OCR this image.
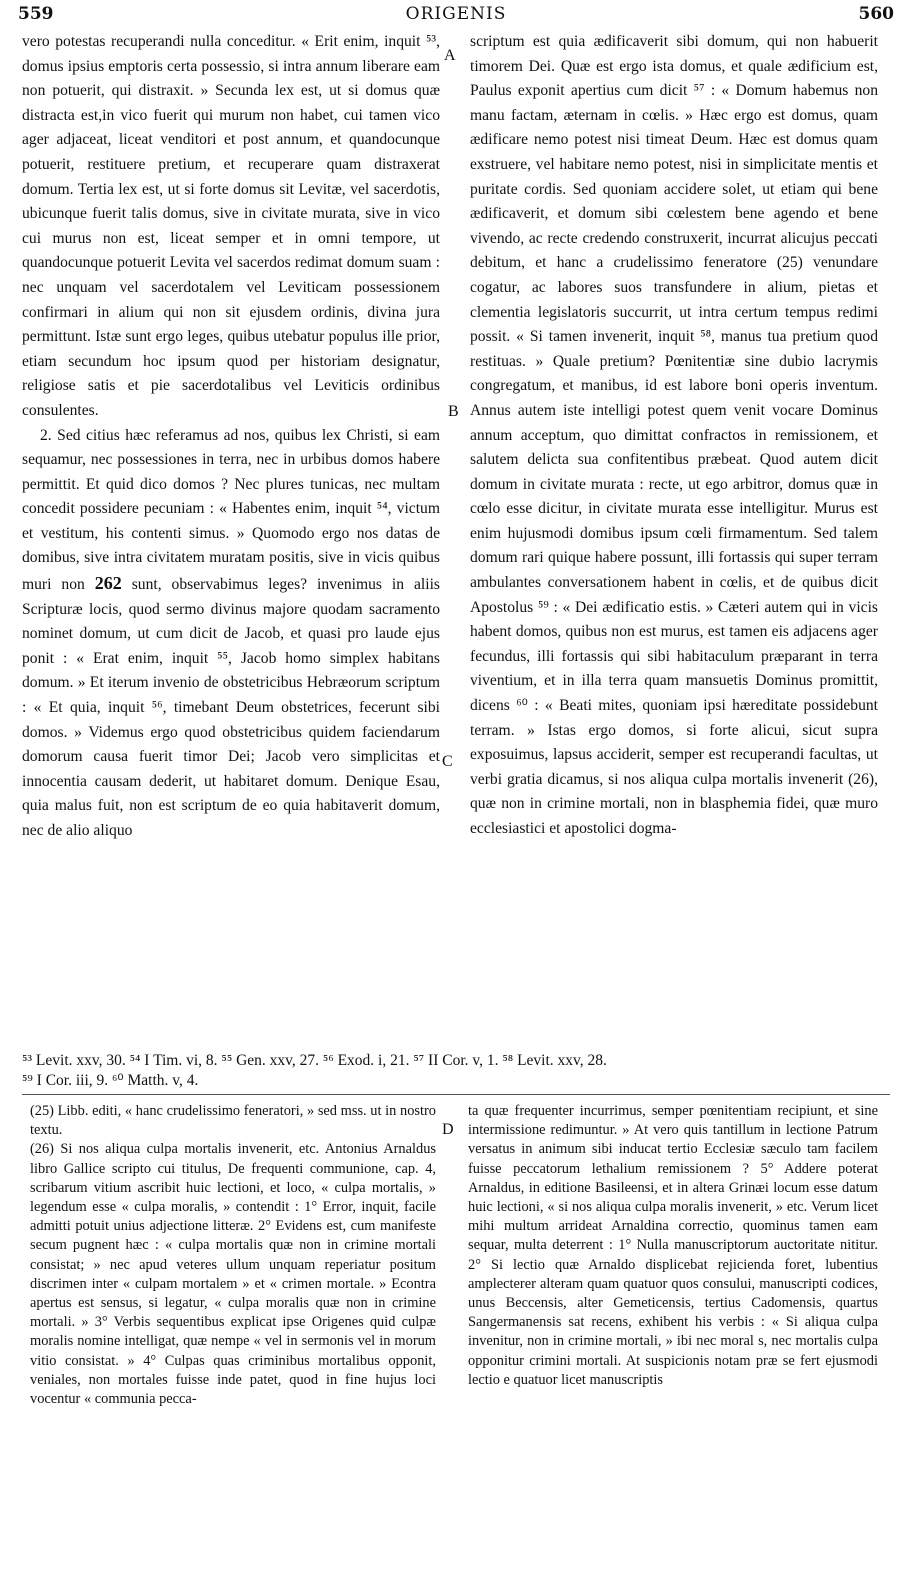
559	ORIGENIS	560

vero potestas recuperandi nulla conceditur. « Erit enim, inquit ⁵³, domus ipsius emptoris certa possessio, si intra annum liberare eam non potuerit, qui distraxit. » Secunda lex est, ut si domus quæ distracta est,in vico fuerit qui murum non habet, cui tamen vico ager adjaceat, liceat venditori et post annum, et quandocunque potuerit, restituere pretium, et recuperare quam distraxerat domum. Tertia lex est, ut si forte domus sit Levitæ, vel sacerdotis, ubicunque fuerit talis domus, sive in civitate murata, sive in vico cui murus non est, liceat semper et in omni tempore, ut quandocunque potuerit Levita vel sacerdos redimat domum suam : nec unquam vel sacerdotalem vel Leviticam possessionem confirmari in alium qui non sit ejusdem ordinis, divina jura permittunt. Istæ sunt ergo leges, quibus utebatur populus ille prior, etiam secundum hoc ipsum quod per historiam designatur, religiose satis et pie sacerdotalibus vel Leviticis ordinibus consulentes.

2. Sed citius hæc referamus ad nos, quibus lex Christi, si eam sequamur, nec possessiones in terra, nec in urbibus domos habere permittit. Et quid dico domos ? Nec plures tunicas, nec multam concedit possidere pecuniam : « Habentes enim, inquit ⁵⁴, victum et vestitum, his contenti simus. » Quomodo ergo nos datas de domibus, sive intra civitatem muratam positis, sive in vicis quibus muri non 262 sunt, observabimus leges? invenimus in aliis Scripturæ locis, quod sermo divinus majore quodam sacramento nominet domum, ut cum dicit de Jacob, et quasi pro laude ejus ponit : « Erat enim, inquit ⁵⁵, Jacob homo simplex habitans domum. » Et iterum invenio de obstetricibus Hebræorum scriptum : « Et quia, inquit ⁵⁶, timebant Deum obstetrices, fecerunt sibi domos. » Videmus ergo quod obstetricibus quidem faciendarum domorum causa fuerit timor Dei; Jacob vero simplicitas et innocentia causam dederit, ut habitaret domum. Denique Esau, quia malus fuit, non est scriptum de eo quia habitaverit domum, nec de alio aliquo

A
B
C

scriptum est quia ædificaverit sibi domum, qui non habuerit timorem Dei. Quæ est ergo ista domus, et quale ædificium est, Paulus exponit apertius cum dicit ⁵⁷ : « Domum habemus non manu factam, æternam in cœlis. » Hæc ergo est domus, quam ædificare nemo potest nisi timeat Deum. Hæc est domus quam exstruere, vel habitare nemo potest, nisi in simplicitate mentis et puritate cordis. Sed quoniam accidere solet, ut etiam qui bene ædificaverit, et domum sibi cœlestem bene agendo et bene vivendo, ac recte credendo construxerit, incurrat alicujus peccati debitum, et hanc a crudelissimo feneratore (25) venundare cogatur, ac labores suos transfundere in alium, pietas et clementia legislatoris succurrit, ut intra certum tempus redimi possit. « Si tamen invenerit, inquit ⁵⁸, manus tua pretium quod restituas. » Quale pretium? Pœnitentiæ sine dubio lacrymis congregatum, et manibus, id est labore boni operis inventum. Annus autem iste intelligi potest quem venit vocare Dominus annum acceptum, quo dimittat confractos in remissionem, et salutem delicta sua confitentibus præbeat. Quod autem dicit domum in civitate murata : recte, ut ego arbitror, domus quæ in cœlo esse dicitur, in civitate murata esse intelligitur. Murus est enim hujusmodi domibus ipsum cœli firmamentum. Sed talem domum rari quique habere possunt, illi fortassis qui super terram ambulantes conversationem habent in cœlis, et de quibus dicit Apostolus ⁵⁹ : « Dei ædificatio estis. » Cæteri autem qui in vicis habent domos, quibus non est murus, est tamen eis adjacens ager fecundus, illi fortassis qui sibi habitaculum præparant in terra viventium, et in illa terra quam mansuetis Dominus promittit, dicens ⁶⁰ : « Beati mites, quoniam ipsi hæreditate possidebunt terram. » Istas ergo domos, si forte alicui, sicut supra exposuimus, lapsus acciderit, semper est recuperandi facultas, ut verbi gratia dicamus, si nos aliqua culpa mortalis invenerit (26), quæ non in crimine mortali, non in blasphemia fidei, quæ muro ecclesiastici et apostolici dogma-

⁵³ Levit. xxv, 30. ⁵⁴ I Tim. vi, 8. ⁵⁵ Gen. xxv, 27. ⁵⁶ Exod. i, 21. ⁵⁷ II Cor. v, 1. ⁵⁸ Levit. xxv, 28.

⁵⁹ I Cor. iii, 9. ⁶⁰ Matth. v, 4.

D

(25) Libb. editi, « hanc crudelissimo feneratori, » sed mss. ut in nostro textu.

(26) Si nos aliqua culpa mortalis invenerit, etc. Antonius Arnaldus libro Gallice scripto cui titulus, De frequenti communione, cap. 4, scribarum vitium ascribit huic lectioni, et loco, « culpa mortalis, » legendum esse « culpa moralis, » contendit : 1° Error, inquit, facile admitti potuit unius adjectione litteræ. 2° Evidens est, cum manifeste secum pugnent hæc : « culpa mortalis quæ non in crimine mortali consistat; » nec apud veteres ullum unquam reperiatur positum discrimen inter « culpam mortalem » et « crimen mortale. » Econtra apertus est sensus, si legatur, « culpa moralis quæ non in crimine mortali. » 3° Verbis sequentibus explicat ipse Origenes quid culpæ moralis nomine intelligat, quæ nempe « vel in sermonis vel in morum vitio consistat. » 4° Culpas quas criminibus mortalibus opponit, veniales, non mortales fuisse inde patet, quod in fine hujus loci vocentur « communia pecca-

ta quæ frequenter incurrimus, semper pœnitentiam recipiunt, et sine intermissione redimuntur. » At vero quis tantillum in lectione Patrum versatus in animum sibi inducat tertio Ecclesiæ sæculo tam facilem fuisse peccatorum lethalium remissionem ? 5° Addere poterat Arnaldus, in editione Basileensi, et in altera Grinæi locum esse datum huic lectioni, « si nos aliqua culpa moralis invenerit, » etc. Verum licet mihi multum arrideat Arnaldina correctio, quominus tamen eam sequar, multa deterrent : 1° Nulla manuscriptorum auctoritate nititur. 2° Si lectio quæ Arnaldo displicebat rejicienda foret, lubentius amplecterer alteram quam quatuor quos consului, manuscripti codices, unus Beccensis, alter Gemeticensis, tertius Cadomensis, quartus Sangermanensis sat recens, exhibent his verbis : « Si aliqua culpa invenitur, non in crimine mortali, » ibi nec moral s, nec mortalis culpa opponitur crimini mortali. At suspicionis notam præ se fert ejusmodi lectio e quatuor licet manuscriptis
